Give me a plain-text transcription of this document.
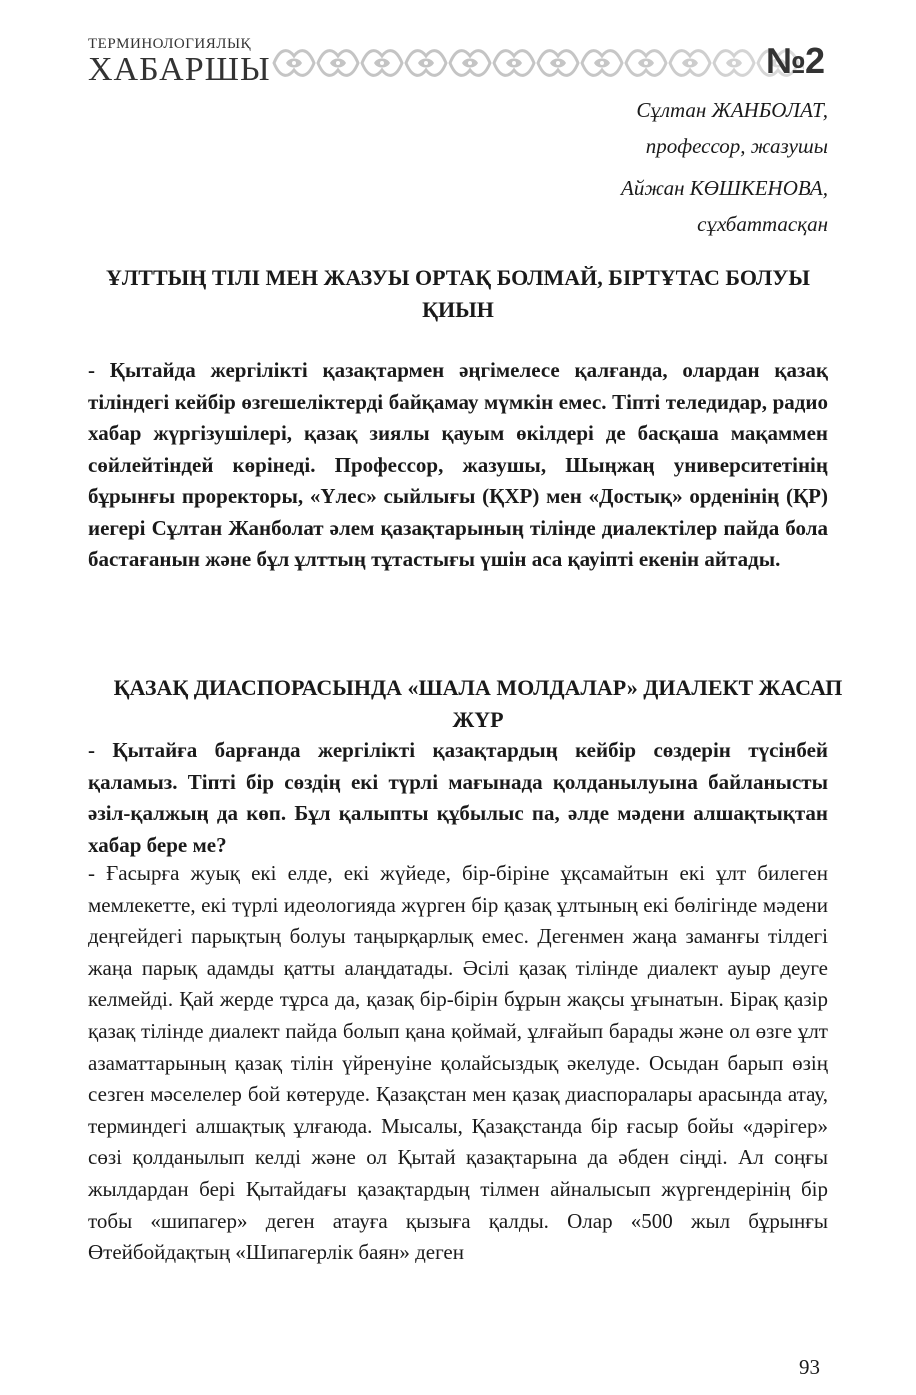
ТЕРМИНОЛОГИЯЛЫҚ
ХАБАРШЫ	№2
Сұлтан ЖАНБОЛАТ,
профессор, жазушы
Айжан КӨШКЕНОВА,
сұхбаттасқан
ҰЛТТЫҢ ТІЛІ МЕН ЖАЗУЫ ОРТАҚ БОЛМАЙ, БІРТҰТАС БОЛУЫ ҚИЫН
- Қытайда жергілікті қазақтармен әңгімелесе қалғанда, олардан қазақ тіліндегі кейбір өзгешеліктерді байқамау мүмкін емес. Тіпті теледидар, радио хабар жүргізушілері, қазақ зиялы қауым өкілдері де басқаша мақаммен сөйлейтіндей көрінеді. Профессор, жазушы, Шыңжаң университетінің бұрынғы проректоры, «Үлес» сыйлығы (ҚХР) мен «Достық» орденінің (ҚР) иегері Сұлтан Жанболат әлем қазақтарының тілінде диалектілер пайда бола бастағанын және бұл ұлттың тұтастығы үшін аса қауіпті екенін айтады.
ҚАЗАҚ ДИАСПОРАСЫНДА «ШАЛА МОЛДАЛАР» ДИАЛЕКТ ЖАСАП ЖҮР
- Қытайға барғанда жергілікті қазақтардың кейбір сөздерін түсінбей қаламыз. Тіпті бір сөздің екі түрлі мағынада қолданылуына байланысты әзіл-қалжың да көп. Бұл қалыпты құбылыс па, әлде мәдени алшақтықтан хабар бере ме?
- Ғасырға жуық екі елде, екі жүйеде, бір-біріне ұқсамайтын екі ұлт билеген мемлекетте, екі түрлі идеологияда жүрген бір қазақ ұлтының екі бөлігінде мәдени деңгейдегі парықтың болуы таңырқарлық емес. Дегенмен жаңа заманғы тілдегі жаңа парық адамды қатты алаңдатады. Әсілі қазақ тілінде диалект ауыр деуге келмейді. Қай жерде тұрса да, қазақ бір-бірін бұрын жақсы ұғынатын. Бірақ қазір қазақ тілінде диалект пайда болып қана қоймай, ұлғайып барады және ол өзге ұлт азаматтарының қазақ тілін үйренуіне қолайсыздық әкелуде. Осыдан барып өзің сезген мәселелер бой көтеруде. Қазақстан мен қазақ диаспоралары арасында атау, терминдегі алшақтық ұлғаюда. Мысалы, Қазақстанда бір ғасыр бойы «дәрігер» сөзі қолданылып келді және ол Қытай қазақтарына да әбден сіңді. Ал соңғы жылдардан бері Қытайдағы қазақтардың тілмен айналысып жүргендерінің бір тобы «шипагер» деген атауға қызыға қалды. Олар «500 жыл бұрынғы Өтейбойдақтың «Шипагерлік баян» деген
93
